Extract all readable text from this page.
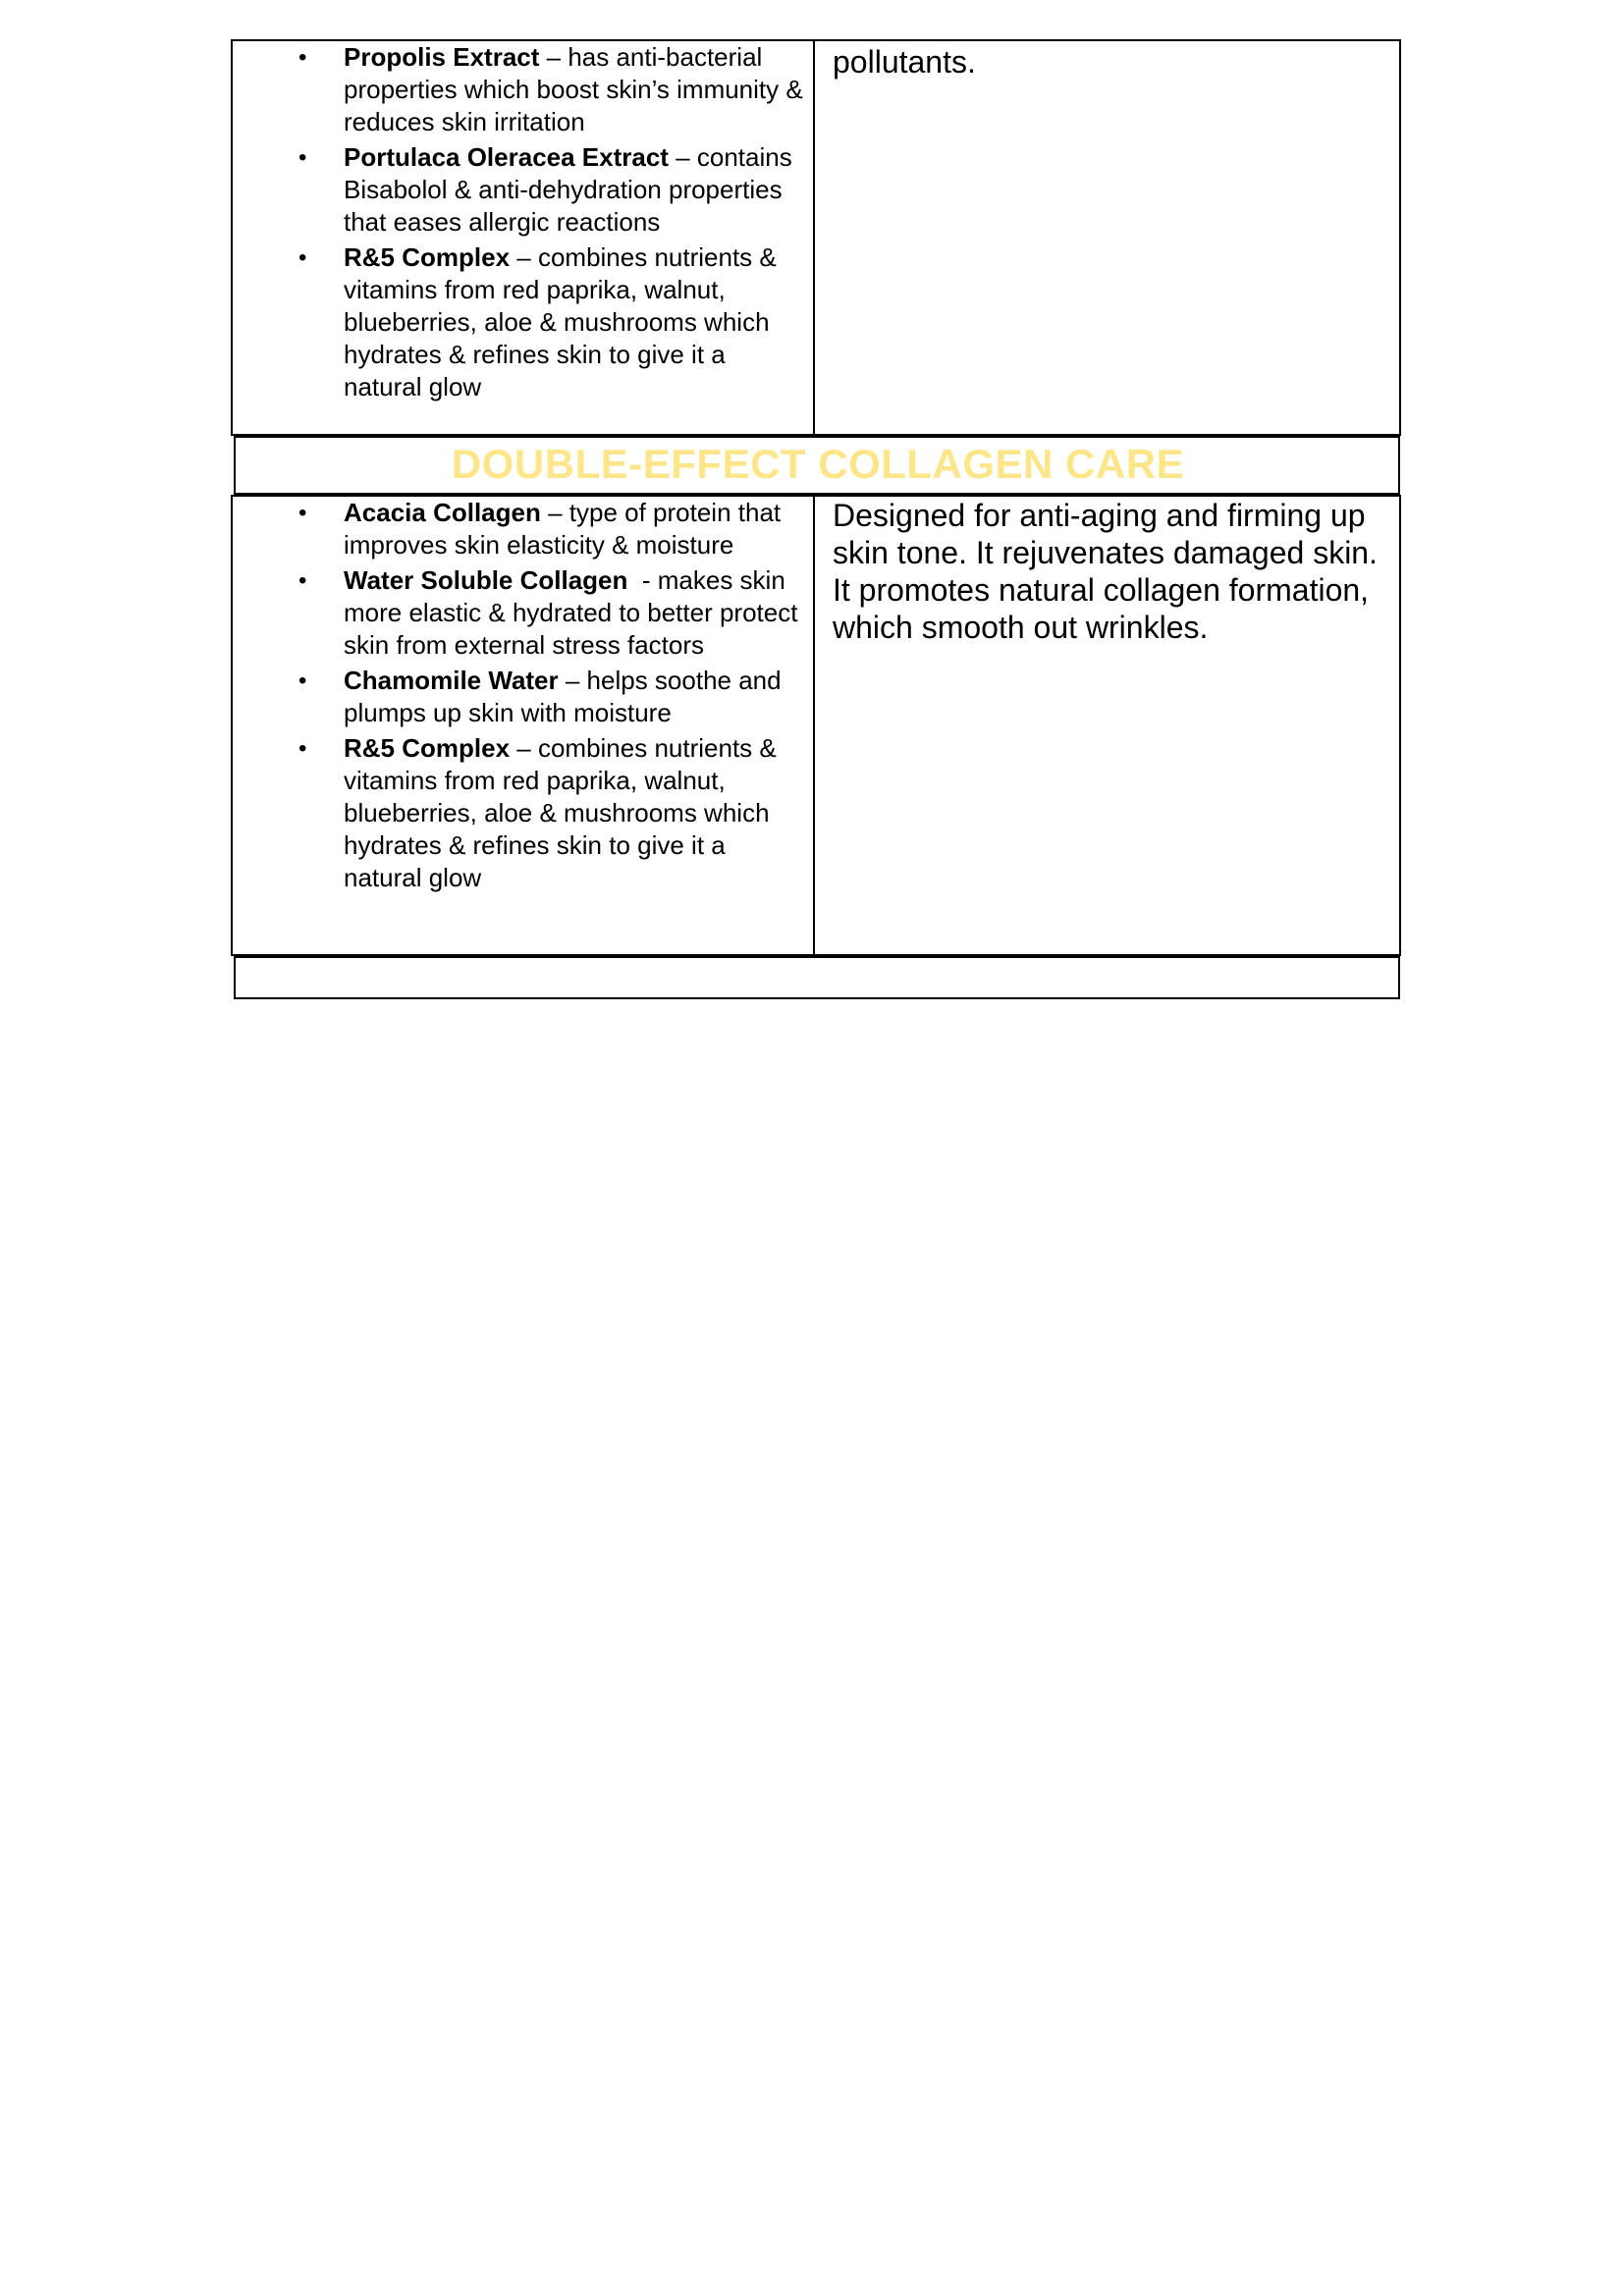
• Propolis Extract – has anti-bacterial properties which boost skin’s immunity & reduces skin irritation
• Portulaca Oleracea Extract – contains Bisabolol & anti-dehydration properties that eases allergic reactions
• R&5 Complex – combines nutrients & vitamins from red paprika, walnut, blueberries, aloe & mushrooms which hydrates & refines skin to give it a natural glow

pollutants.

DOUBLE-EFFECT COLLAGEN CARE
• Acacia Collagen – type of protein that improves skin elasticity & moisture
• Water Soluble Collagen  - makes skin more elastic & hydrated to better protect skin from external stress factors
• Chamomile Water – helps soothe and plumps up skin with moisture
• R&5 Complex – combines nutrients & vitamins from red paprika, walnut, blueberries, aloe & mushrooms which hydrates & refines skin to give it a natural glow

Designed for anti-aging and firming up skin tone. It rejuvenates damaged skin. It promotes natural collagen formation, which smooth out wrinkles.
